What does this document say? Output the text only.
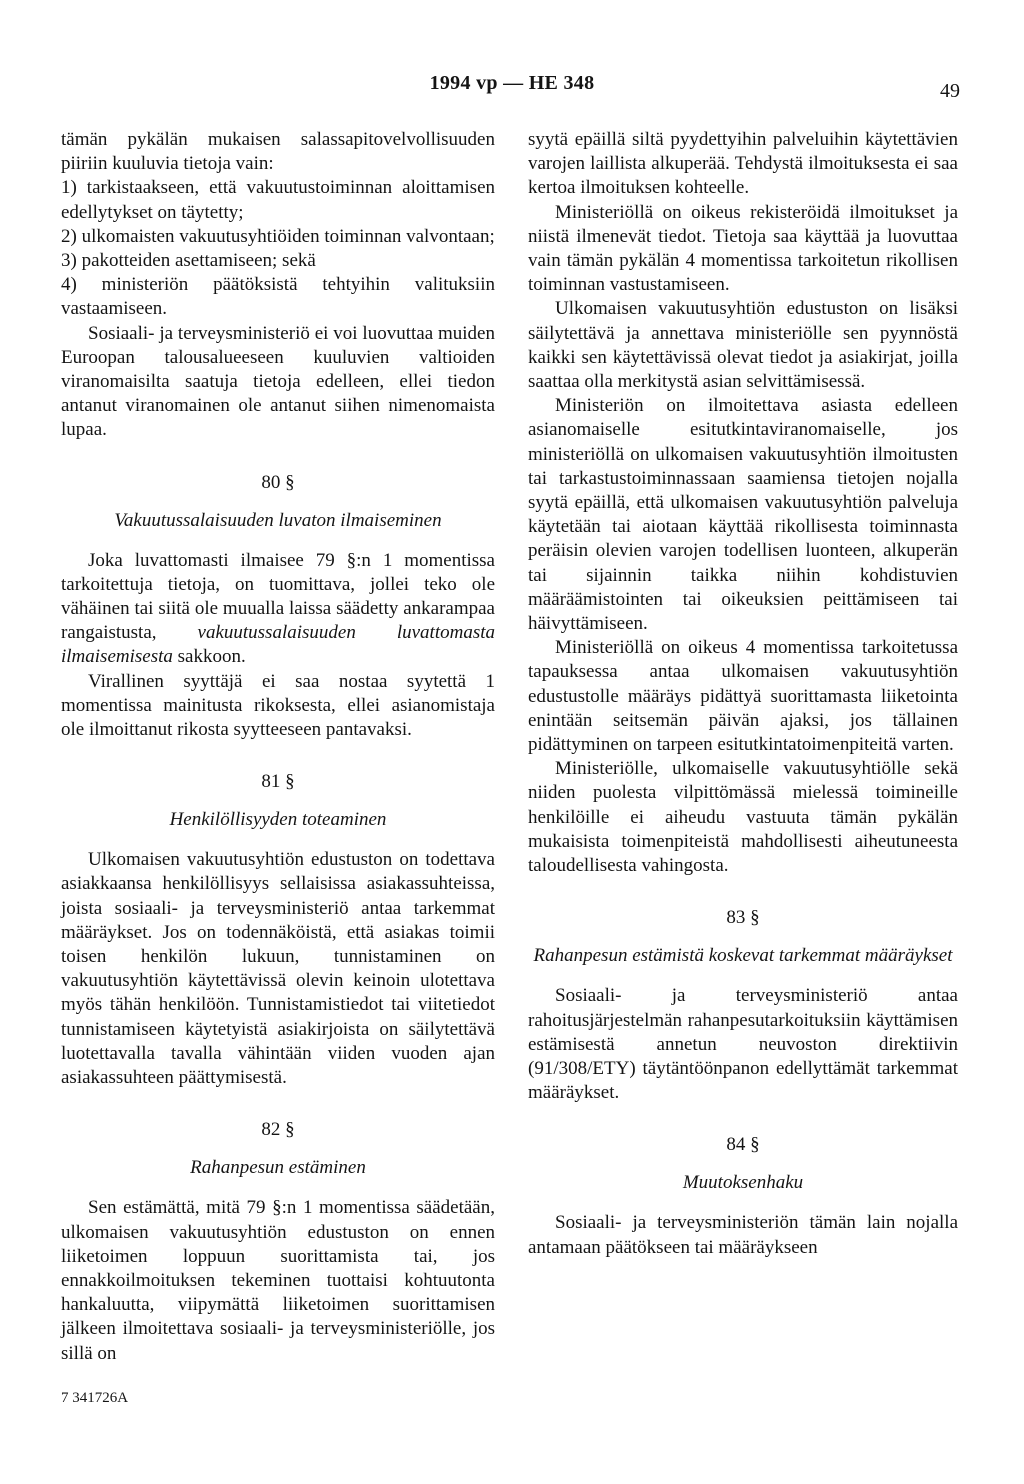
1994 vp — HE 348	49

tämän pykälän mukaisen salassapitovelvollisuuden piiriin kuuluvia tietoja vain:

1) tarkistaakseen, että vakuutustoiminnan aloittamisen edellytykset on täytetty;

2) ulkomaisten vakuutusyhtiöiden toiminnan valvontaan;

3) pakotteiden asettamiseen; sekä

4) ministeriön päätöksistä tehtyihin valituksiin vastaamiseen.

Sosiaali- ja terveysministeriö ei voi luovuttaa muiden Euroopan talousalueeseen kuuluvien valtioiden viranomaisilta saatuja tietoja edelleen, ellei tiedon antanut viranomainen ole antanut siihen nimenomaista lupaa.

80 §

Vakuutussalaisuuden luvaton ilmaiseminen

Joka luvattomasti ilmaisee 79 §:n 1 momentissa tarkoitettuja tietoja, on tuomittava, jollei teko ole vähäinen tai siitä ole muualla laissa säädetty ankarampaa rangaistusta, vakuutussalaisuuden luvattomasta ilmaisemisesta sakkoon.

Virallinen syyttäjä ei saa nostaa syytettä 1 momentissa mainitusta rikoksesta, ellei asianomistaja ole ilmoittanut rikosta syytteeseen pantavaksi.

81 §

Henkilöllisyyden toteaminen

Ulkomaisen vakuutusyhtiön edustuston on todettava asiakkaansa henkilöllisyys sellaisissa asiakassuhteissa, joista sosiaali- ja terveysministeriö antaa tarkemmat määräykset. Jos on todennäköistä, että asiakas toimii toisen henkilön lukuun, tunnistaminen on vakuutusyhtiön käytettävissä olevin keinoin ulotettava myös tähän henkilöön. Tunnistamistiedot tai viitetiedot tunnistamiseen käytetyistä asiakirjoista on säilytettävä luotettavalla tavalla vähintään viiden vuoden ajan asiakassuhteen päättymisestä.

82 §

Rahanpesun estäminen

Sen estämättä, mitä 79 §:n 1 momentissa säädetään, ulkomaisen vakuutusyhtiön edustuston on ennen liiketoimen loppuun suorittamista tai, jos ennakkoilmoituksen tekeminen tuottaisi kohtuutonta hankaluutta, viipymättä liiketoimen suorittamisen jälkeen ilmoitettava sosiaali- ja terveysministeriölle, jos sillä on

syytä epäillä siltä pyydettyihin palveluihin käytettävien varojen laillista alkuperää. Tehdystä ilmoituksesta ei saa kertoa ilmoituksen kohteelle.

Ministeriöllä on oikeus rekisteröidä ilmoitukset ja niistä ilmenevät tiedot. Tietoja saa käyttää ja luovuttaa vain tämän pykälän 4 momentissa tarkoitetun rikollisen toiminnan vastustamiseen.

Ulkomaisen vakuutusyhtiön edustuston on lisäksi säilytettävä ja annettava ministeriölle sen pyynnöstä kaikki sen käytettävissä olevat tiedot ja asiakirjat, joilla saattaa olla merkitystä asian selvittämisessä.

Ministeriön on ilmoitettava asiasta edelleen asianomaiselle esitutkintaviranomaiselle, jos ministeriöllä on ulkomaisen vakuutusyhtiön ilmoitusten tai tarkastustoiminnassaan saamiensa tietojen nojalla syytä epäillä, että ulkomaisen vakuutusyhtiön palveluja käytetään tai aiotaan käyttää rikollisesta toiminnasta peräisin olevien varojen todellisen luonteen, alkuperän tai sijainnin taikka niihin kohdistuvien määräämistointen tai oikeuksien peittämiseen tai häivyttämiseen.

Ministeriöllä on oikeus 4 momentissa tarkoitetussa tapauksessa antaa ulkomaisen vakuutusyhtiön edustustolle määräys pidättyä suorittamasta liiketointa enintään seitsemän päivän ajaksi, jos tällainen pidättyminen on tarpeen esitutkintatoimenpiteitä varten.

Ministeriölle, ulkomaiselle vakuutusyhtiölle sekä niiden puolesta vilpittömässä mielessä toimineille henkilöille ei aiheudu vastuuta tämän pykälän mukaisista toimenpiteistä mahdollisesti aiheutuneesta taloudellisesta vahingosta.

83 §

Rahanpesun estämistä koskevat tarkemmat määräykset

Sosiaali- ja terveysministeriö antaa rahoitusjärjestelmän rahanpesutarkoituksiin käyttämisen estämisestä annetun neuvoston direktiivin (91/308/ETY) täytäntöönpanon edellyttämät tarkemmat määräykset.

84 §

Muutoksenhaku

Sosiaali- ja terveysministeriön tämän lain nojalla antamaan päätökseen tai määräykseen

7 341726A
